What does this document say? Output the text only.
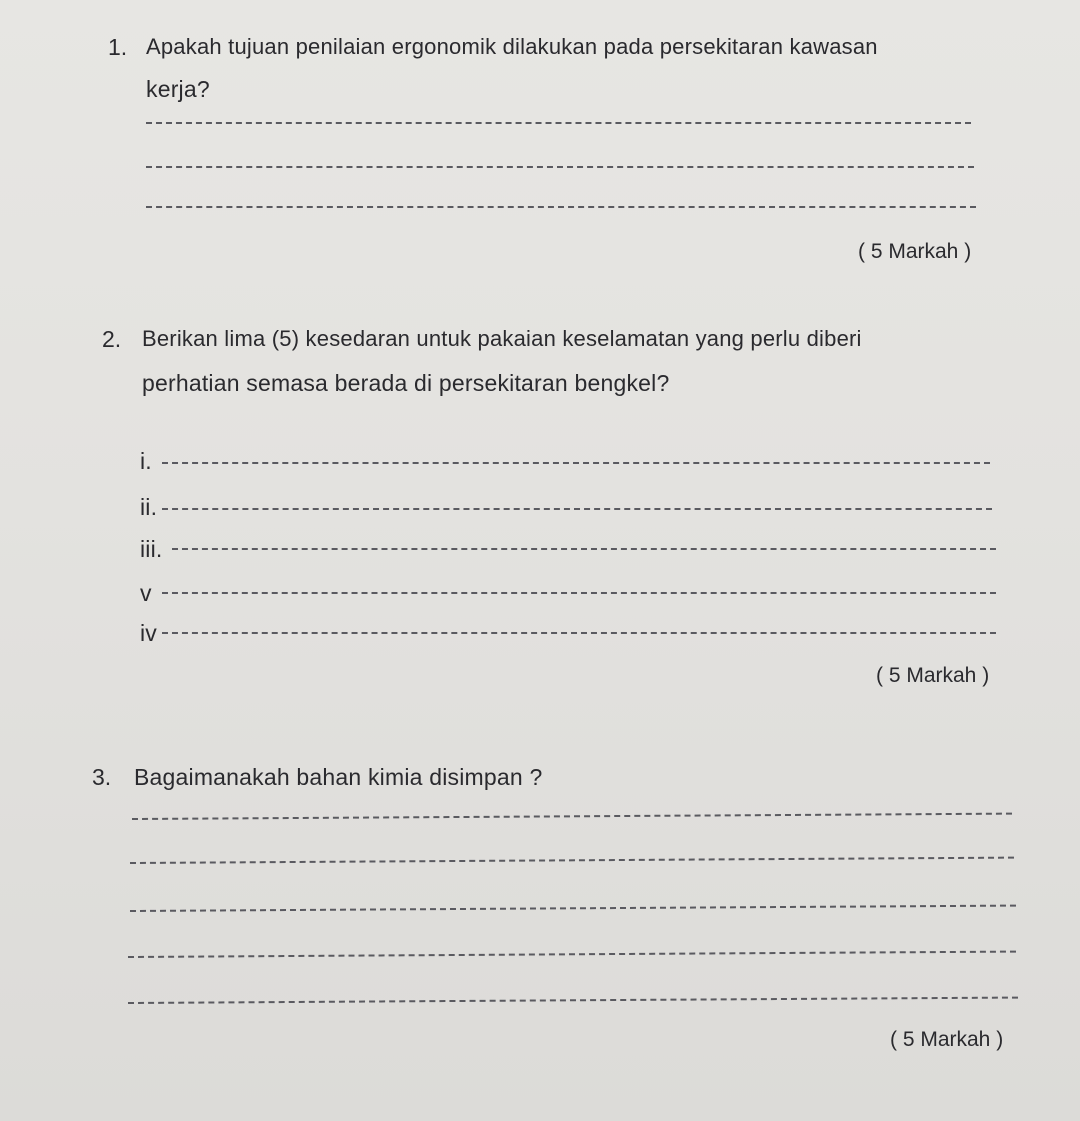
1. Apakah tujuan penilaian ergonomik dilakukan pada persekitaran kawasan
kerja?
( 5 Markah )
2. Berikan lima (5) kesedaran untuk pakaian keselamatan yang perlu diberi
perhatian semasa berada di persekitaran bengkel?
i.
ii.
iii.
v
iv
( 5 Markah )
3. Bagaimanakah bahan kimia disimpan ?
( 5 Markah )
